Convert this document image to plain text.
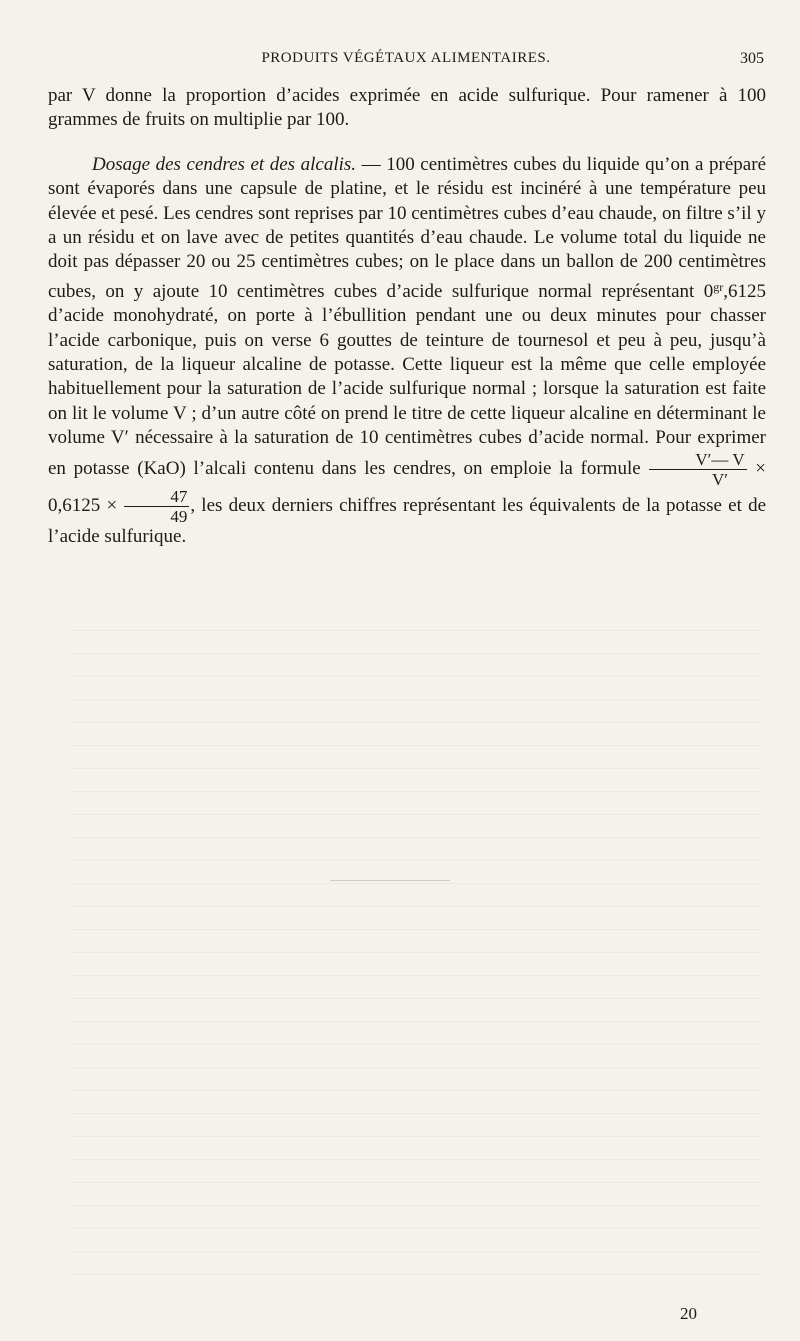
PRODUITS VÉGÉTAUX ALIMENTAIRES.	305

par V donne la proportion d’acides exprimée en acide sulfurique. Pour ramener à 100 grammes de fruits on multiplie par 100.

Dosage des cendres et des alcalis. — 100 centimètres cubes du liquide qu’on a préparé sont évaporés dans une capsule de platine, et le résidu est incinéré à une température peu élevée et pesé. Les cendres sont reprises par 10 centimètres cubes d’eau chaude, on filtre s’il y a un résidu et on lave avec de petites quantités d’eau chaude. Le volume total du liquide ne doit pas dépasser 20 ou 25 centimètres cubes; on le place dans un ballon de 200 centimètres cubes, on y ajoute 10 centimètres cubes d’acide sulfurique normal représentant $0^{gr},6125$ d’acide monohydraté, on porte à l’ébullition pendant une ou deux minutes pour chasser l’acide carbonique, puis on verse 6 gouttes de teinture de tournesol et peu à peu, jusqu’à saturation, de la liqueur alcaline de potasse. Cette liqueur est la même que celle employée habituellement pour la saturation de l’acide sulfurique normal ; lorsque la saturation est faite on lit le volume V ; d’un autre côté on prend le titre de cette liqueur alcaline en déterminant le volume V′ nécessaire à la saturation de 10 centimètres cubes d’acide normal. Pour exprimer en potasse (KaO) l’alcali contenu dans les cendres, on emploie la formule $\frac{V'— V}{V'} \times 0,6125 \times \frac{47}{49}$ , les deux derniers chiffres représentant les équivalents de la potasse et de l’acide sulfurique.

20
